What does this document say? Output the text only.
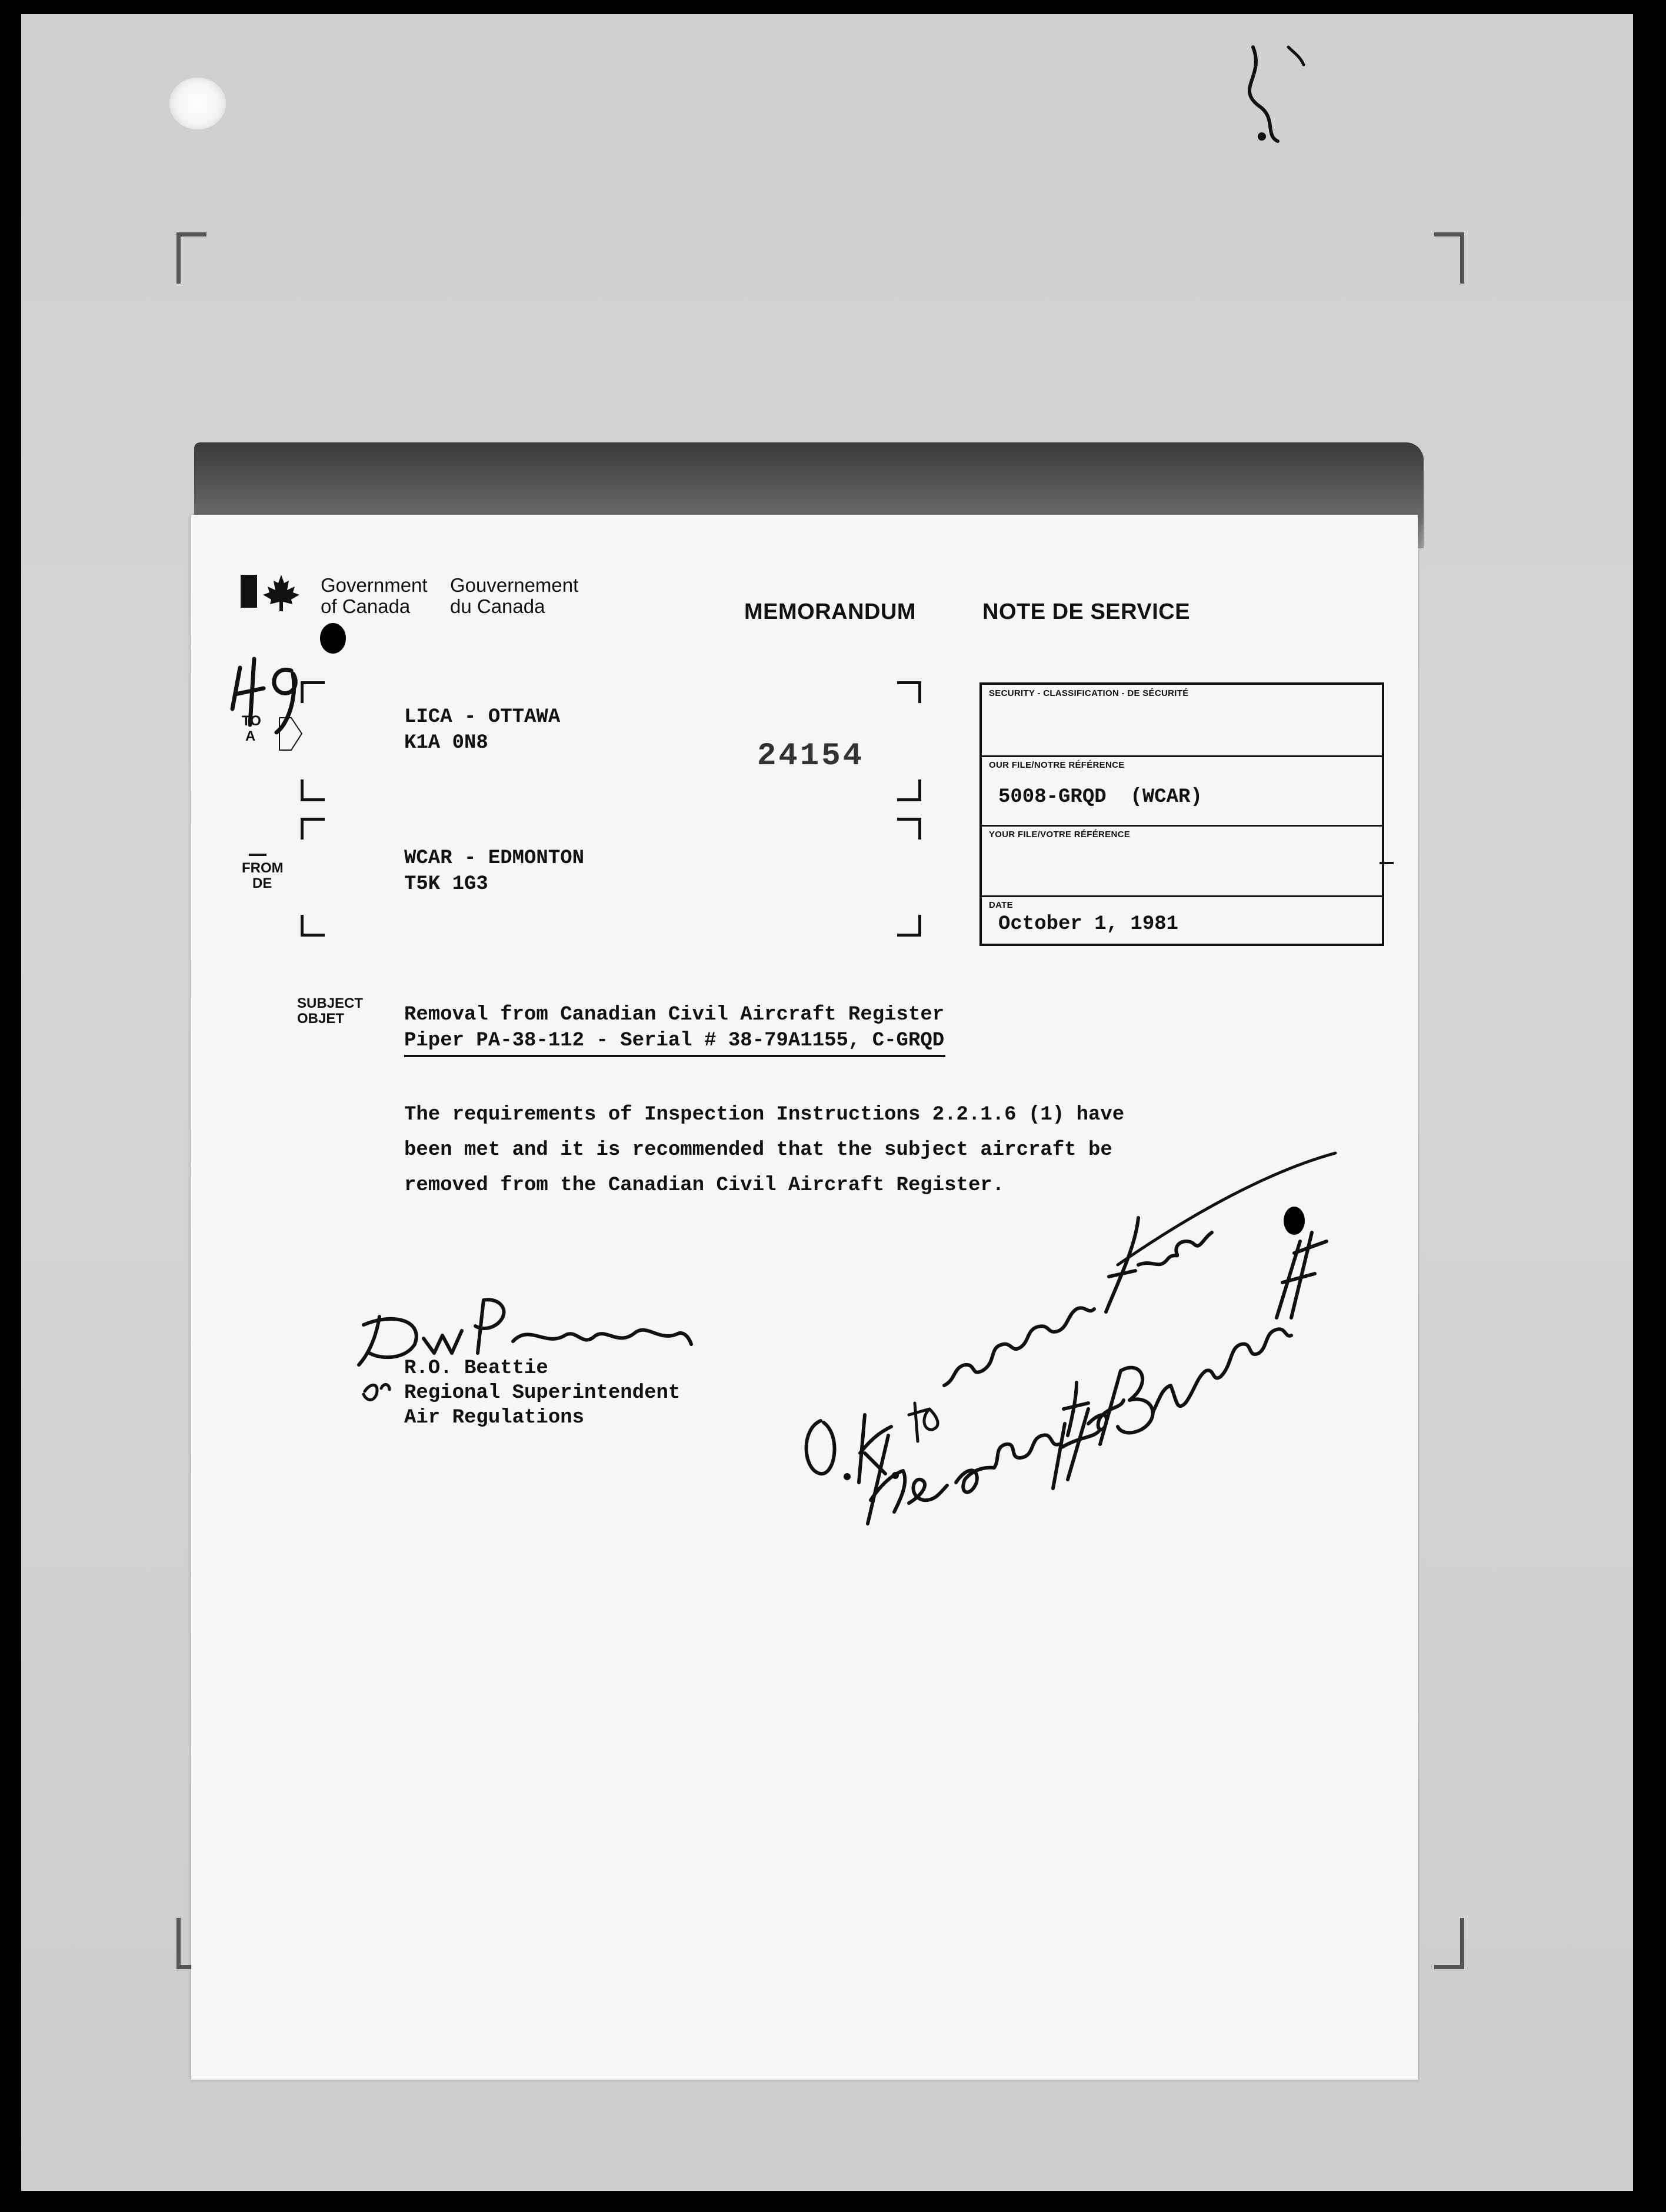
Government
of Canada
Gouvernement
du Canada	MEMORANDUM	NOTE DE SERVICE
TO
A
LICA - OTTAWA
K1A 0N8	24154
FROM
DE
WCAR - EDMONTON
T5K 1G3
SECURITY - CLASSIFICATION - DE SÉCURITÉ
OUR FILE/NOTRE RÉFÉRENCE
5008-GRQD  (WCAR)
YOUR FILE/VOTRE RÉFÉRENCE
DATE
October 1, 1981
SUBJECT
OBJET	Removal from Canadian Civil Aircraft Register
Piper PA-38-112 - Serial # 38-79A1155, C-GRQD
The requirements of Inspection Instructions 2.2.1.6 (1) have
been met and it is recommended that the subject aircraft be
removed from the Canadian Civil Aircraft Register.
R.O. Beattie
Regional Superintendent
Air Regulations
